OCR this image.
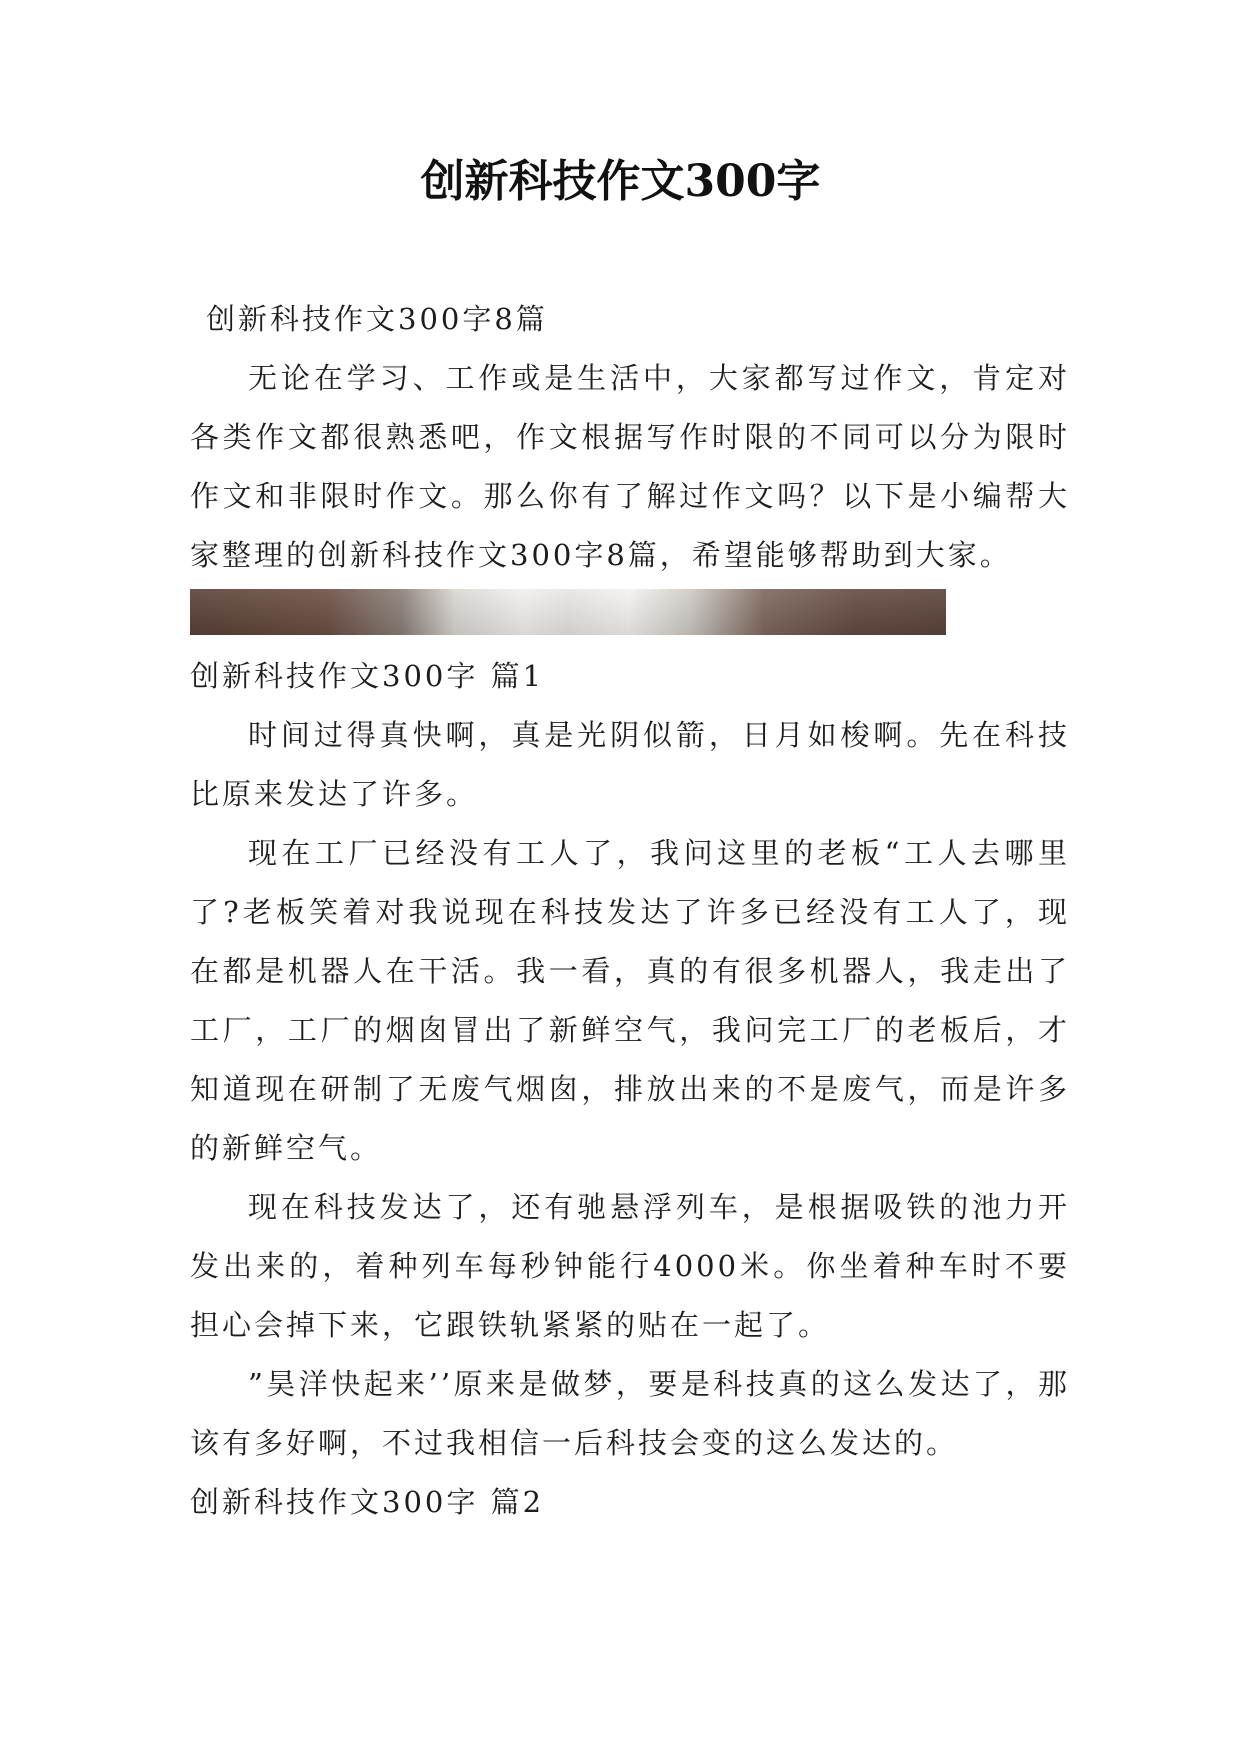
创新科技作文300字

创新科技作文300字8篇

无论在学习、工作或是生活中，大家都写过作文，肯定对各类作文都很熟悉吧，作文根据写作时限的不同可以分为限时作文和非限时作文。那么你有了解过作文吗？以下是小编帮大家整理的创新科技作文300字8篇，希望能够帮助到大家。

创新科技作文300字 篇1

时间过得真快啊，真是光阴似箭，日月如梭啊。先在科技比原来发达了许多。

现在工厂已经没有工人了，我问这里的老板“工人去哪里了?老板笑着对我说现在科技发达了许多已经没有工人了，现在都是机器人在干活。我一看，真的有很多机器人，我走出了工厂，工厂的烟囱冒出了新鲜空气，我问完工厂的老板后，才知道现在研制了无废气烟囱，排放出来的不是废气，而是许多的新鲜空气。

现在科技发达了，还有驰悬浮列车，是根据吸铁的池力开发出来的，着种列车每秒钟能行4000米。你坐着种车时不要担心会掉下来，它跟铁轨紧紧的贴在一起了。

”昊洋快起来’’原来是做梦，要是科技真的这么发达了，那该有多好啊，不过我相信一后科技会变的这么发达的。

创新科技作文300字 篇2
